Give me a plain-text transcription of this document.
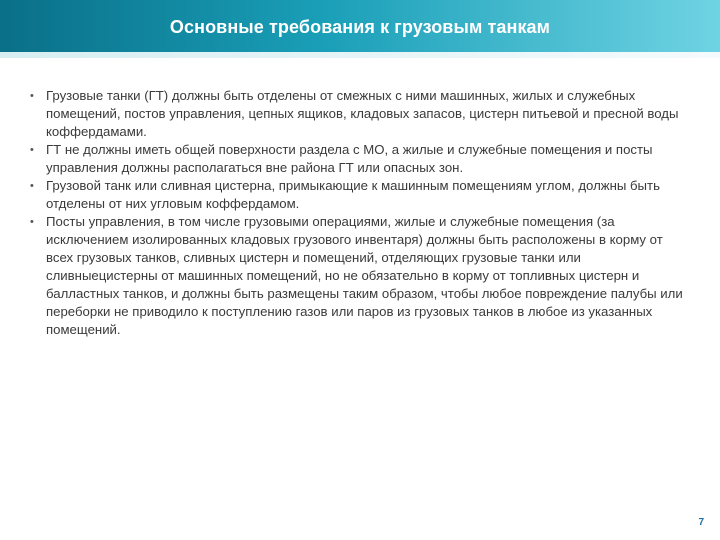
Основные требования к грузовым танкам
• Грузовые танки (ГТ) должны быть отделены от смежных с ними машинных, жилых и служебных помещений, постов управления, цепных ящиков, кладовых запасов, цистерн питьевой и пресной воды коффердамами.
• ГТ не должны иметь общей поверхности раздела с МО, а жилые и служебные помещения и посты управления должны располагаться вне района ГТ или опасных зон.
• Грузовой танк или сливная цистерна, примыкающие к машинным помещениям углом, должны быть отделены от них угловым коффердамом.
• Посты управления, в том числе грузовыми операциями, жилые и служебные помещения (за исключением изолированных кладовых грузового инвентаря) должны быть расположены в корму от всех грузовых танков, сливных цистерн и помещений, отделяющих грузовые танки или сливныецистерны от машинных помещений, но не обязательно в корму от топливных цистерн и балластных танков, и должны быть размещены таким образом, чтобы любое повреждение палубы или переборки не приводило к поступлению газов или паров из грузовых танков в любое из указанных помещений.
7
